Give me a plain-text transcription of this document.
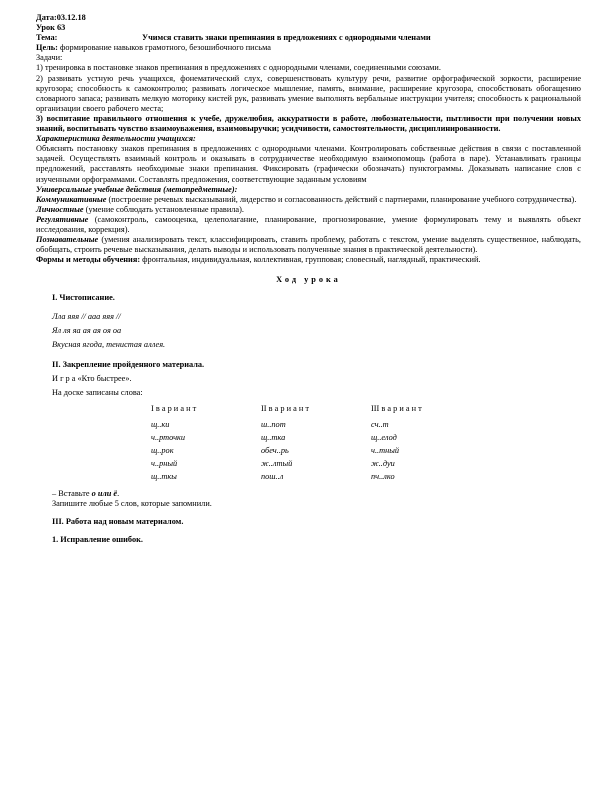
Дата:03.12.18

Урок 63

Тема:	Учимся ставить знаки препинания в предложениях с однородными членами

Цель: формирование навыков грамотного, безошибочного письма

Задачи:

1) тренировка в постановке знаков препинания в предложениях с однородными членами, соединенными союзами.

2) развивать устную речь учащихся, фонематический слух, совершенствовать культуру речи, развитие орфографической зоркости, расширение кругозора; способность к самоконтролю; развивать логическое мышление, память, внимание, расширение кругозора, способствовать обогащению словарного запаса; развивать мелкую моторику кистей рук, развивать умение выполнять вербальные инструкции учителя; способность к рациональной организации своего рабочего места;

3) воспитание правильного отношения к учебе, дружелюбия, аккуратности в работе, любознательности, пытливости при получении новых знаний, воспитывать чувство взаимоуважения, взаимовыручки; усидчивости, самостоятельности, дисциплинированности.

Характеристика деятельности учащихся:

Объяснять постановку знаков препинания в предложениях с однородными членами. Контролировать собственные действия в связи с поставленной задачей. Осуществлять взаимный контроль и оказывать в сотрудничестве необходимую взаимопомощь (работа в паре). Устанавливать границы предложений, расставлять необходимые знаки препинания. Фиксировать (графически обозначать) пунктограммы. Доказывать написание слов с изученными орфограммами. Составлять предложения, соответствующие заданным условиям

Универсальные учебные действия (метапредметные):

Коммуникативные (построение речевых высказываний, лидерство и согласованность действий с партнерами, планирование учебного сотрудничества).

Личностные (умение соблюдать установленные правила).

Регулятивные (самоконтроль, самооценка, целеполагание, планирование, прогнозирование, умение формулировать тему и выявлять объект исследования, коррекция).

Познавательные (умения анализировать текст, классифицировать, ставить проблему, работать с текстом, умение выделять существенное, наблюдать, обобщать, строить речевые высказывания, делать выводы и использовать полученные знания в практической деятельности).

Формы и методы обучения: фронтальная, индивидуальная, коллективная, групповая; словесный, наглядный, практический.

Ход урока

I. Чистописание.

Лла яяя // ааа яяя //

Ял ля яа ая ая оя оа

Вкусная ягода, тенистая аллея.

II. Закрепление пройденного материала.

И г р а «Кто быстрее».

На доске записаны слова:

I в а р и а н т

щ..ки

ч..рточки

щ..рок

ч..рный

щ..ткы

II в а р и а н т

ш..пот

щ..тка

обеч..рь

ж..лтый

пош..л

III в а р и а н т

сч..т

щ..елод

ч..тный

ж..дуи

пч..лко

– Вставьте о или ё.

Запишите любые 5 слов, которые запомнили.

III. Работа над новым материалом.

1. Исправление ошибок.
